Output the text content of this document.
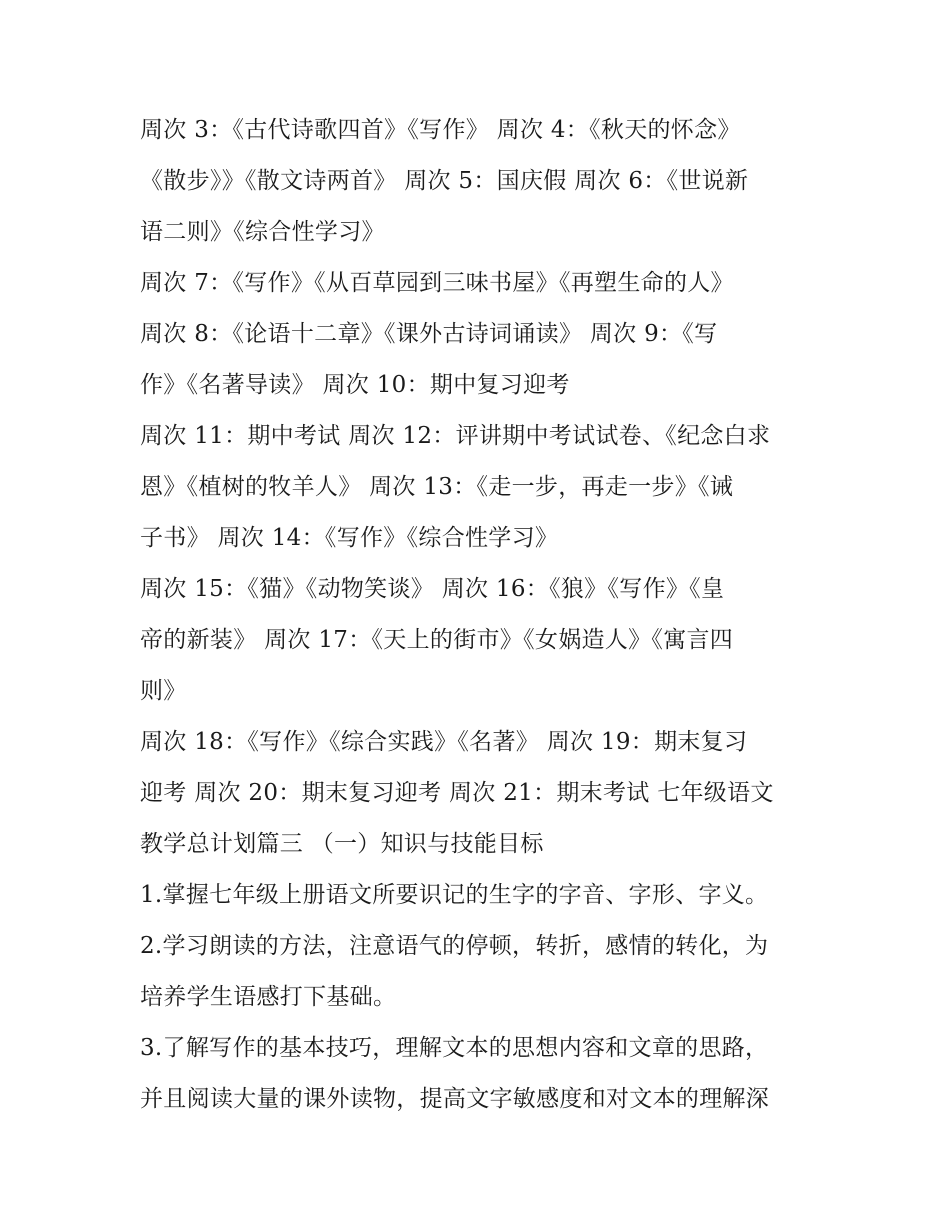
周次 3：《古代诗歌四首》《写作》 周次 4：《秋天的怀念》
《散步》》《散文诗两首》 周次 5：国庆假 周次 6：《世说新
语二则》《综合性学习》
周次 7：《写作》《从百草园到三味书屋》《再塑生命的人》
周次 8：《论语十二章》《课外古诗词诵读》 周次 9：《写
作》《名著导读》 周次 10：期中复习迎考
周次 11：期中考试 周次 12：评讲期中考试试卷、《纪念白求
恩》《植树的牧羊人》 周次 13：《走一步，再走一步》《诫
子书》 周次 14：《写作》《综合性学习》
周次 15：《猫》《动物笑谈》 周次 16：《狼》《写作》《皇
帝的新装》 周次 17：《天上的街市》《女娲造人》《寓言四
则》
周次 18：《写作》《综合实践》《名著》 周次 19：期末复习
迎考 周次 20：期末复习迎考 周次 21：期末考试 七年级语文
教学总计划篇三 （一）知识与技能目标
1.掌握七年级上册语文所要识记的生字的字音、字形、字义。
2.学习朗读的方法，注意语气的停顿，转折，感情的转化，为
培养学生语感打下基础。
3.了解写作的基本技巧，理解文本的思想内容和文章的思路，
并且阅读大量的课外读物，提高文字敏感度和对文本的理解深
